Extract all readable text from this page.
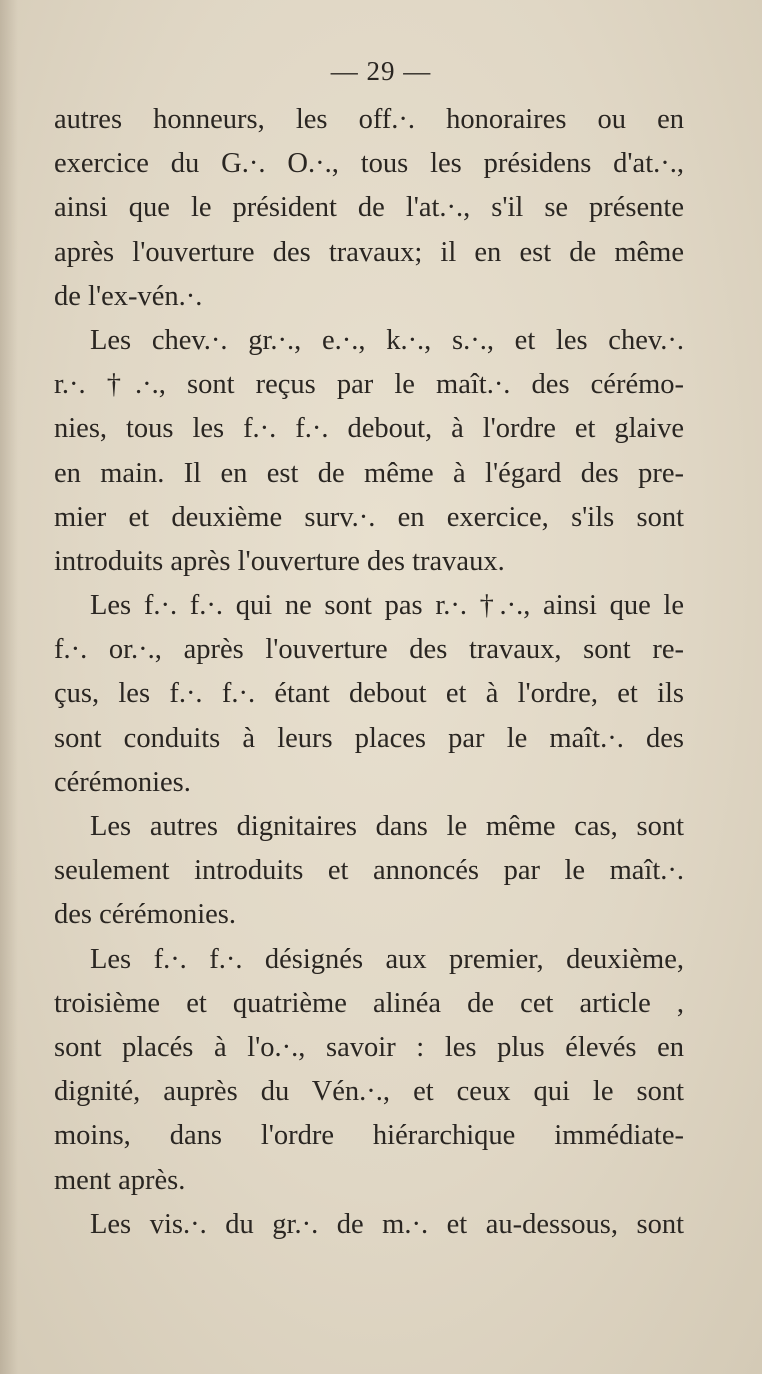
— 29 —
autres honneurs, les off.·. honoraires ou en
exercice du G.·. O.·., tous les présidens d'at.·.,
ainsi que le président de l'at.·., s'il se présente
après l'ouverture des travaux; il en est de même
de l'ex-vén.·.
Les chev.·. gr.·., e.·., k.·., s.·., et les chev.·.
r.·. †.·., sont reçus par le maît.·. des cérémo-
nies, tous les f.·. f.·. debout, à l'ordre et glaive
en main. Il en est de même à l'égard des pre-
mier et deuxième surv.·. en exercice, s'ils sont
introduits après l'ouverture des travaux.
Les f.·. f.·. qui ne sont pas r.·. †.·., ainsi que le
f.·. or.·., après l'ouverture des travaux, sont re-
çus, les f.·. f.·. étant debout et à l'ordre, et ils
sont conduits à leurs places par le maît.·. des
cérémonies.
Les autres dignitaires dans le même cas, sont
seulement introduits et annoncés par le maît.·.
des cérémonies.
Les f.·. f.·. désignés aux premier, deuxième,
troisième et quatrième alinéa de cet article ,
sont placés à l'o.·., savoir : les plus élevés en
dignité, auprès du Vén.·., et ceux qui le sont
moins, dans l'ordre hiérarchique immédiate-
ment après.
Les vis.·. du gr.·. de m.·. et au-dessous, sont
